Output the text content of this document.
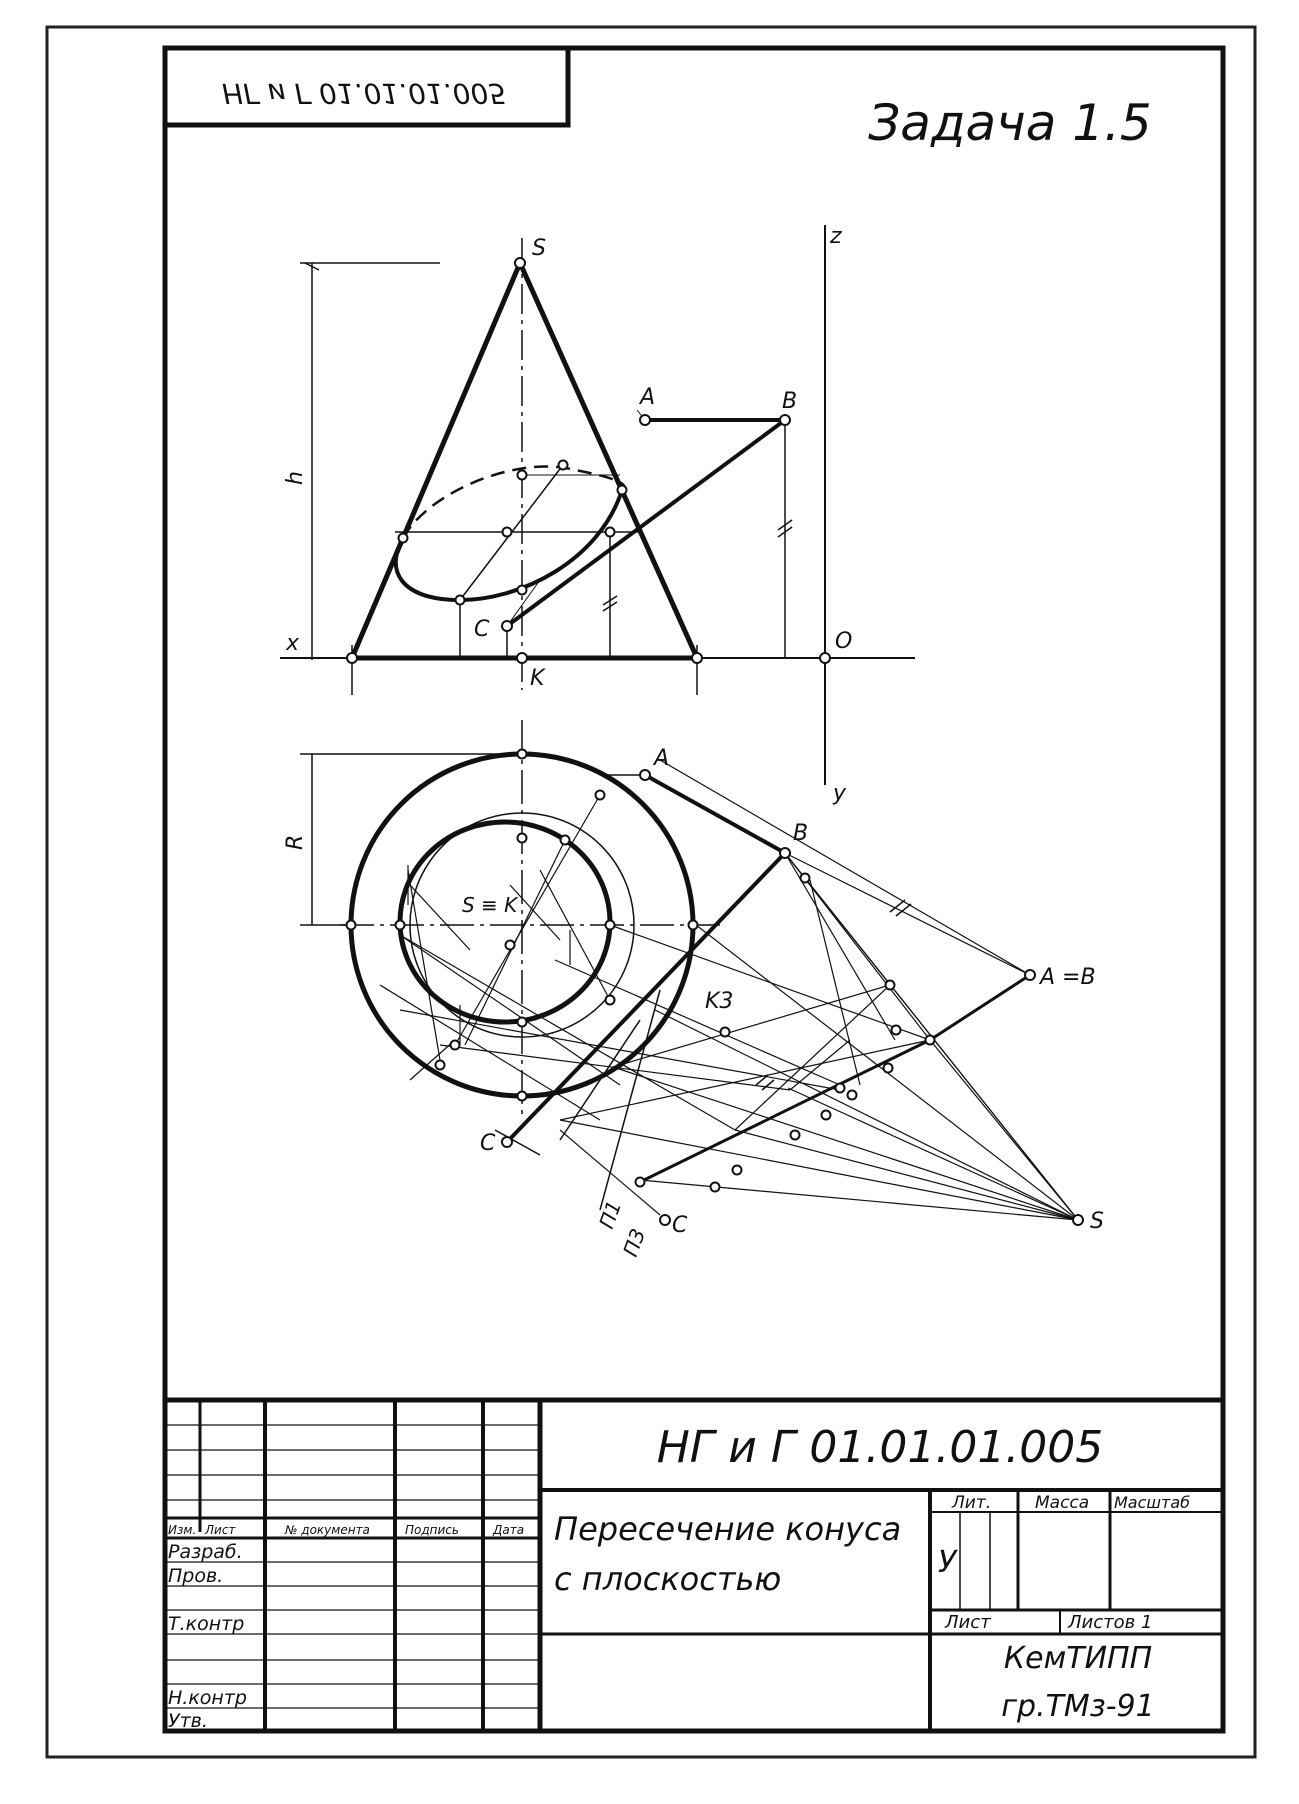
НГ и Г 01.01.01.005
Задача 1.5
S
A	B
C
K
O
x
z
h
A
B
C
y
R
S ≡ K
K3
A =B
S
C
П1
П3
НГ и Г 01.01.01.005
Пересечение конуса
с плоскостью
КемТИПП
гр.ТМз-91
Изм. Лист	№ документа	Подпись	Дата
Разраб.
Пров.
Т.контр
Н.контр
Утв.
Лит.	Масса Масштаб
У
Лист	Листов 1
